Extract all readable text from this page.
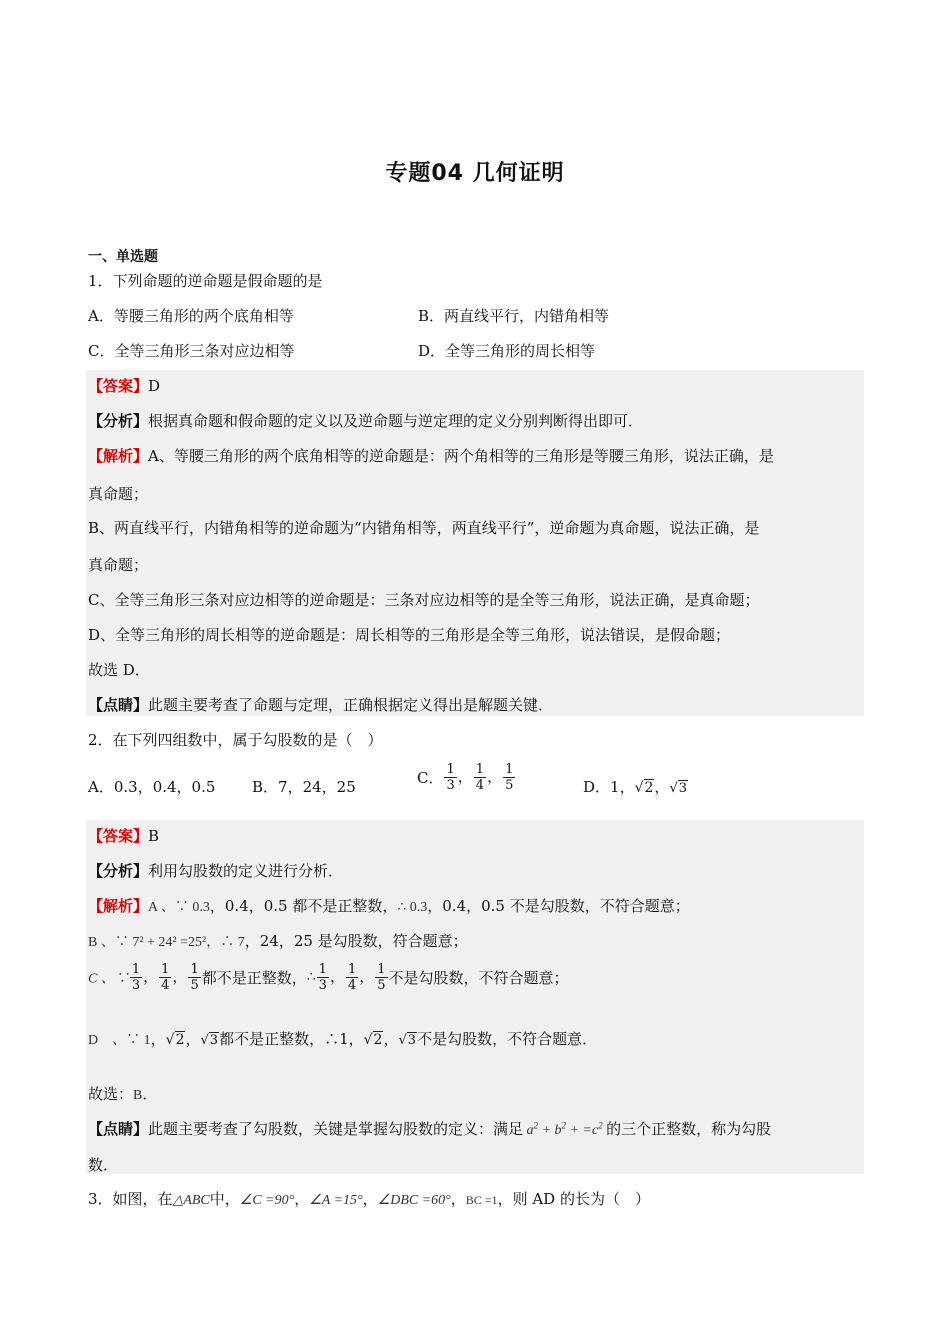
专题04 几何证明
一、单选题
1．下列命题的逆命题是假命题的是
A．等腰三角形的两个底角相等	B．两直线平行，内错角相等
C．全等三角形三条对应边相等	D．全等三角形的周长相等
【答案】D
【分析】根据真命题和假命题的定义以及逆命题与逆定理的定义分别判断得出即可．
【解析】A、等腰三角形的两个底角相等的逆命题是：两个角相等的三角形是等腰三角形，说法正确，是
真命题；
B、两直线平行，内错角相等的逆命题为“内错角相等，两直线平行”，逆命题为真命题，说法正确，是
真命题；
C、全等三角形三条对应边相等的逆命题是：三条对应边相等的是全等三角形，说法正确，是真命题；
D、全等三角形的周长相等的逆命题是：周长相等的三角形是全等三角形，说法错误，是假命题；
故选 D．
【点睛】此题主要考查了命题与定理，正确根据定义得出是解题关键．
2．在下列四组数中，属于勾股数的是（　）
A．0.3，0.4，0.5 B．7，24，25	C． $\frac{1}{3}$ ， $\frac{1}{4}$ ， $\frac{1}{5}$	D．1，√2，√3
【答案】B
【分析】利用勾股数的定义进行分析．
【解析】A 、∵ 0.3，0.4，0.5 都不是正整数，∴ 0.3，0.4，0.5 不是勾股数，不符合题意；
B 、∵ 7² + 24² =25²，∴ 7，24，25 是勾股数，符合题意；
C 、∵ $\frac{1}{3}$ ， $\frac{1}{4}$ ， $\frac{1}{5}$ 都不是正整数，∴ $\frac{1}{3}$ ， $\frac{1}{4}$ ， $\frac{1}{5}$ 不是勾股数，不符合题意；
D　、∵ 1，√2，√3都不是正整数，∴1，√2，√3不是勾股数，不符合题意．
故选：B．
【点睛】此题主要考查了勾股数，关键是掌握勾股数的定义：满足 $a^2 + b^2 + =c^2$ 的三个正整数，称为勾股
数．
3．如图，在△ABC中，∠C =90°，∠A =15°，∠DBC =60°，BC =1，则 AD 的长为（　）
